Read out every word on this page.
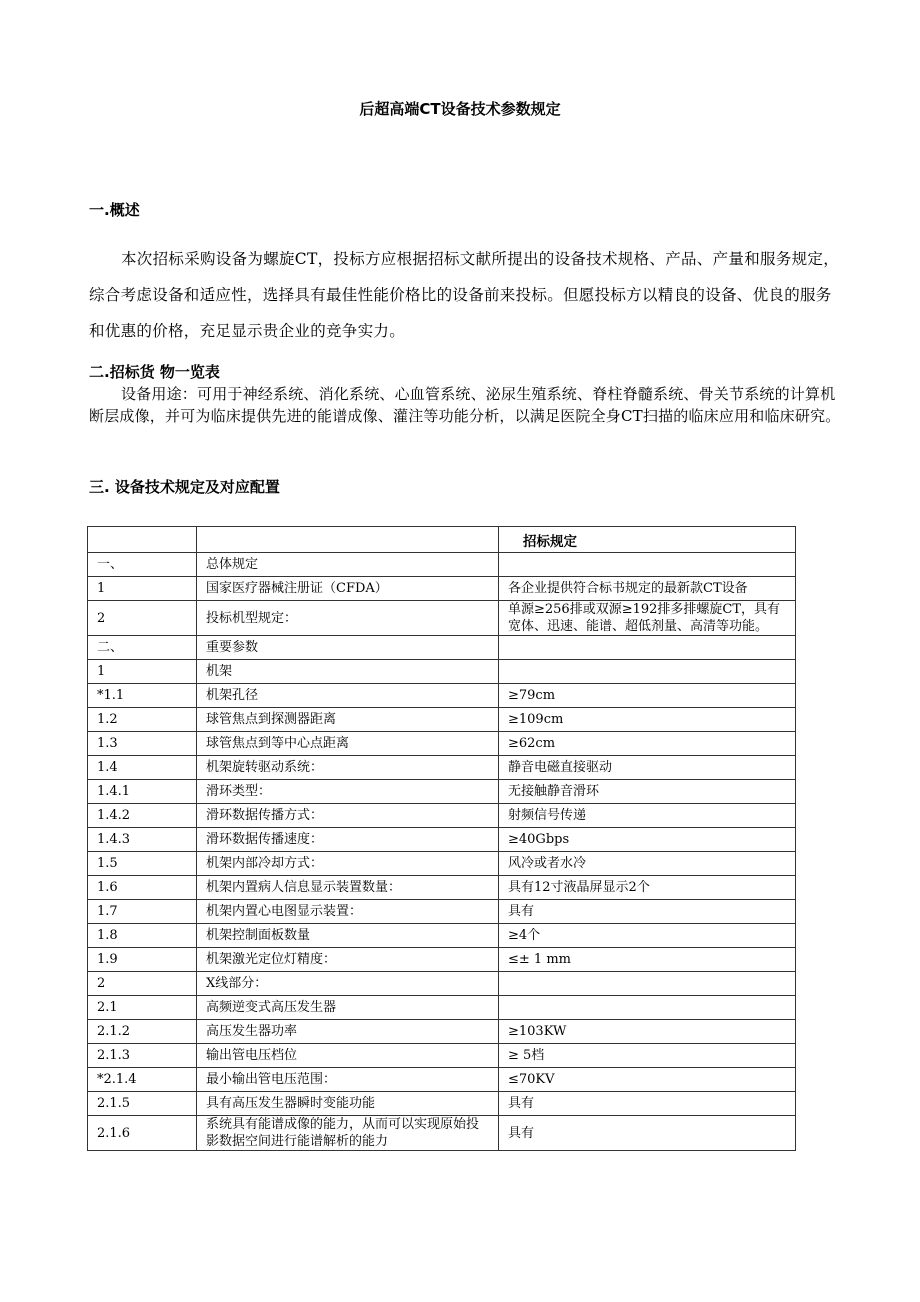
后超高端CT设备技术参数规定
一.概述
本次招标采购设备为螺旋CT，投标方应根据招标文献所提出的设备技术规格、产品、产量和服务规定，综合考虑设备和适应性，选择具有最佳性能价格比的设备前来投标。但愿投标方以精良的设备、优良的服务和优惠的价格，充足显示贵企业的竞争实力。
二.招标货 物一览表
设备用途：可用于神经系统、消化系统、心血管系统、泌尿生殖系统、脊柱脊髓系统、骨关节系统的计算机断层成像，并可为临床提供先进的能谱成像、灌注等功能分析，以满足医院全身CT扫描的临床应用和临床研究。
三. 设备技术规定及对应配置
		招标规定
一、	总体规定	
1	国家医疗器械注册证（CFDA）	各企业提供符合标书规定的最新款CT设备
2	投标机型规定：	单源≥256排或双源≥192排多排螺旋CT，具有宽体、迅速、能谱、超低剂量、高清等功能。
二、	重要参数	
1	机架	
*1.1	机架孔径	≥79cm
1.2	球管焦点到探测器距离	≥109cm
1.3	球管焦点到等中心点距离	≥62cm
1.4	机架旋转驱动系统：	静音电磁直接驱动
1.4.1	滑环类型：	无接触静音滑环
1.4.2	滑环数据传播方式：	射频信号传递
1.4.3	滑环数据传播速度：	≥40Gbps
1.5	机架内部冷却方式：	风冷或者水冷
1.6	机架内置病人信息显示装置数量：	具有12寸液晶屏显示2个
1.7	机架内置心电图显示装置：	具有
1.8	机架控制面板数量	≥4个
1.9	机架激光定位灯精度：	≤± 1 mm
2	X线部分：	
2.1	高频逆变式高压发生器	
2.1.2	高压发生器功率	≥103KW
2.1.3	输出管电压档位	≥ 5档
*2.1.4	最小输出管电压范围：	≤70KV
2.1.5	具有高压发生器瞬时变能功能	具有
2.1.6	系统具有能谱成像的能力，从而可以实现原始投影数据空间进行能谱解析的能力	具有
